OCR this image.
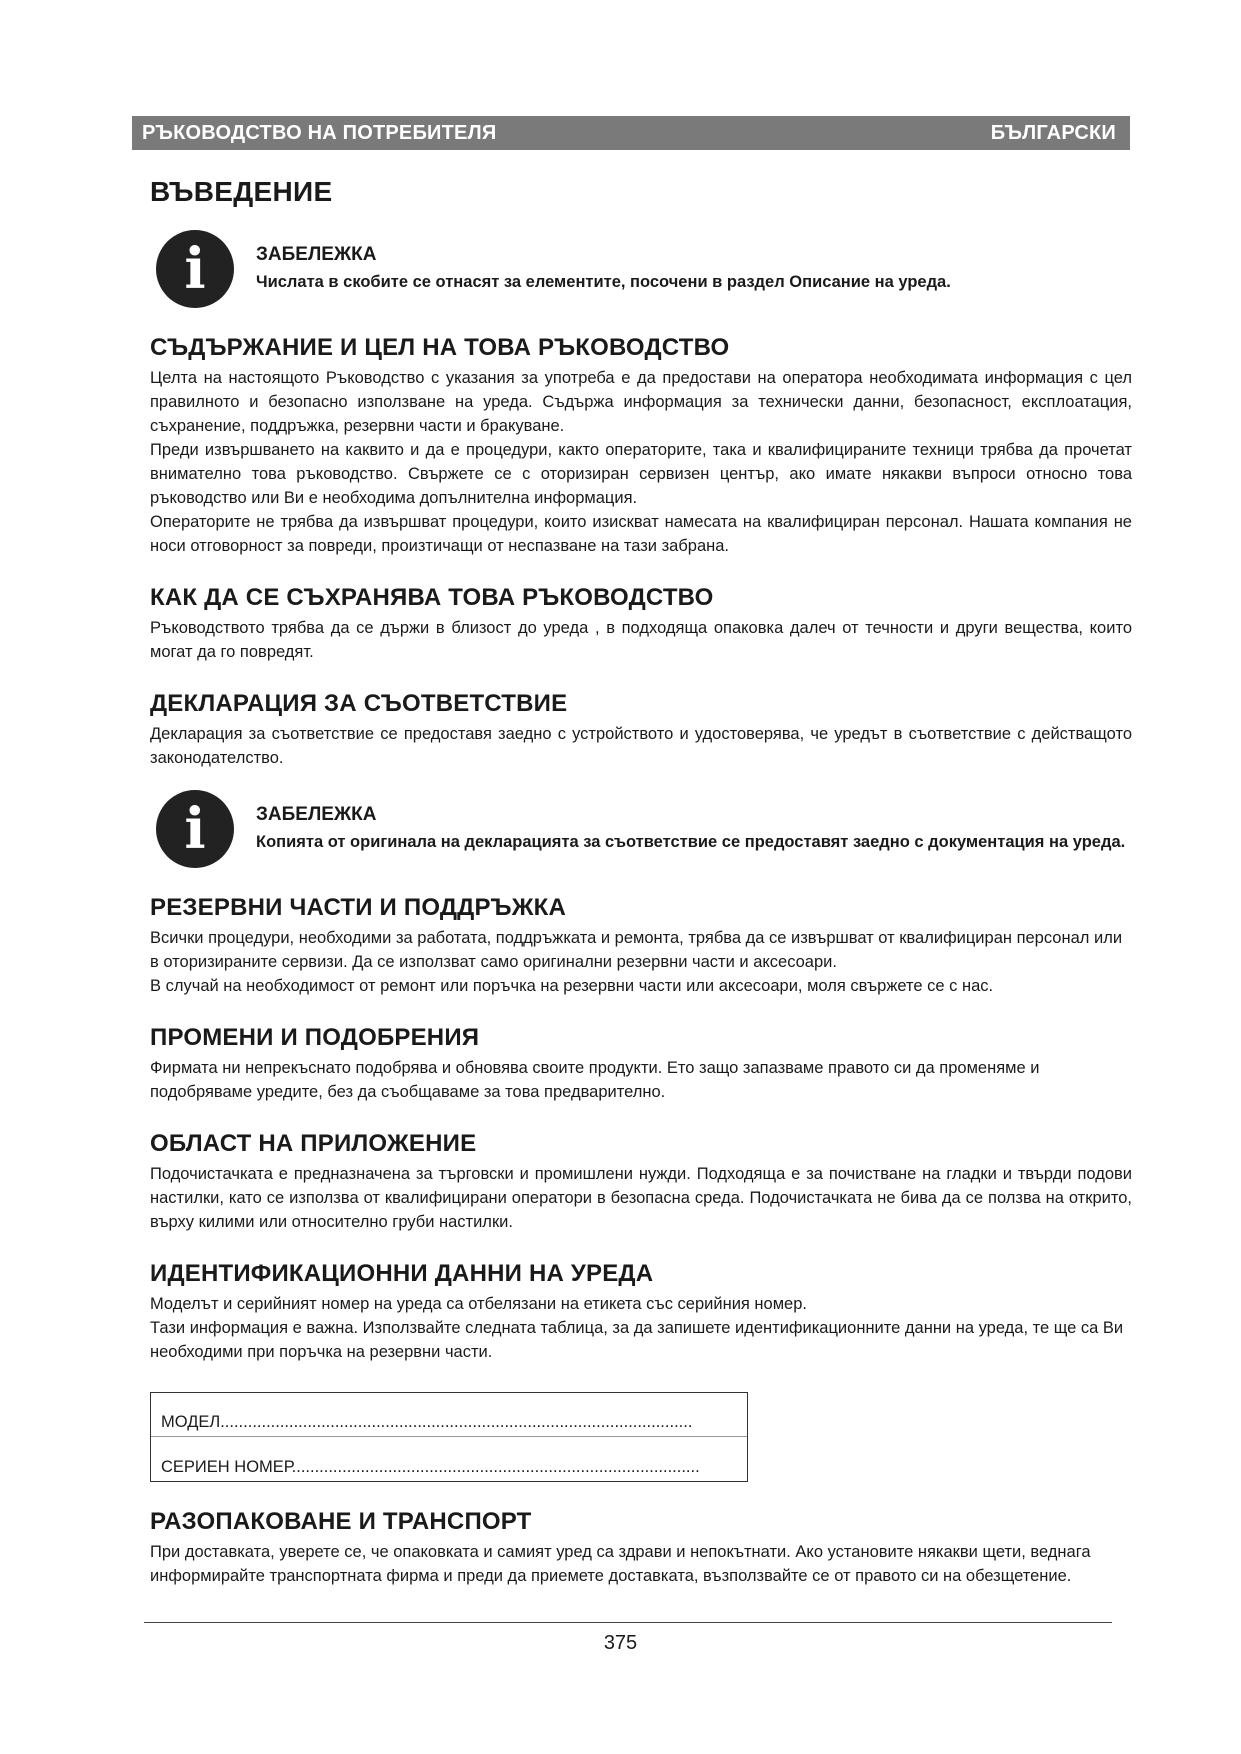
РЪКОВОДСТВО НА ПОТРЕБИТЕЛЯ	БЪЛГАРСКИ
ВЪВЕДЕНИЕ
i	ЗАБЕЛЕЖКА
Числата в скобите се отнасят за елементите, посочени в раздел Описание на уреда.
СЪДЪРЖАНИЕ И ЦЕЛ НА ТОВА РЪКОВОДСТВО

Целта на настоящото Ръководство с указания за употреба е да предостави на оператора необходимата информация с цел правилното и безопасно използване на уреда. Съдържа информация за технически данни, безопасност, експлоатация, съхранение, поддръжка, резервни части и бракуване.

Преди извършването на каквито и да е процедури, както операторите, така и квалифицираните техници трябва да прочетат внимателно това ръководство. Свържете се с оторизиран сервизен център, ако имате някакви въпроси относно това ръководство или Ви е необходима допълнителна информация.

Операторите не трябва да извършват процедури, които изискват намесата на квалифициран персонал. Нашата компания не носи отговорност за повреди, произтичащи от неспазване на тази забрана.

КАК ДА СЕ СЪХРАНЯВА ТОВА РЪКОВОДСТВО

Ръководството трябва да се държи в близост до уреда , в подходяща опаковка далеч от течности и други вещества, които могат да го повредят.

ДЕКЛАРАЦИЯ ЗА СЪОТВЕТСТВИЕ

Декларация за съответствие се предоставя заедно с устройството и удостоверява, че уредът в съответствие с действащото законодателство.

i	ЗАБЕЛЕЖКА
Копията от оригинала на декларацията за съответствие се предоставят заедно с документация на уреда.
РЕЗЕРВНИ ЧАСТИ И ПОДДРЪЖКА

Всички процедури, необходими за работата, поддръжката и ремонта, трябва да се извършват от квалифициран персонал или в оторизираните сервизи. Да се използват само оригинални резервни части и аксесоари.

В случай на необходимост от ремонт или поръчка на резервни части или аксесоари, моля свържете се с нас.

ПРОМЕНИ И ПОДОБРЕНИЯ

Фирмата ни непрекъснато подобрява и обновява своите продукти. Ето защо запазваме правото си да променяме и подобряваме уредите, без да съобщаваме за това предварително.

ОБЛАСТ НА ПРИЛОЖЕНИЕ

Подочистачката е предназначена за търговски и промишлени нужди. Подходяща е за почистване на гладки и твърди подови настилки, като се използва от квалифицирани оператори в безопасна среда. Подочистачката не бива да се ползва на открито, върху килими или относително груби настилки.

ИДЕНТИФИКАЦИОННИ ДАННИ НА УРЕДА

Моделът и серийният номер на уреда са отбелязани на етикета със серийния номер.

Тази информация е важна. Използвайте следната таблица, за да запишете идентификационните данни на уреда, те ще са Ви необходими при поръчка на резервни части.

МОДЕЛ.......................................................................................................
СЕРИЕН НОМЕР.........................................................................................
РАЗОПАКОВАНЕ И ТРАНСПОРТ

При доставката, уверете се, че опаковката и самият уред са здрави и непокътнати. Ако установите някакви щети, веднага информирайте транспортната фирма и преди да приемете доставката, възползвайте се от правото си на обезщетение.

375
